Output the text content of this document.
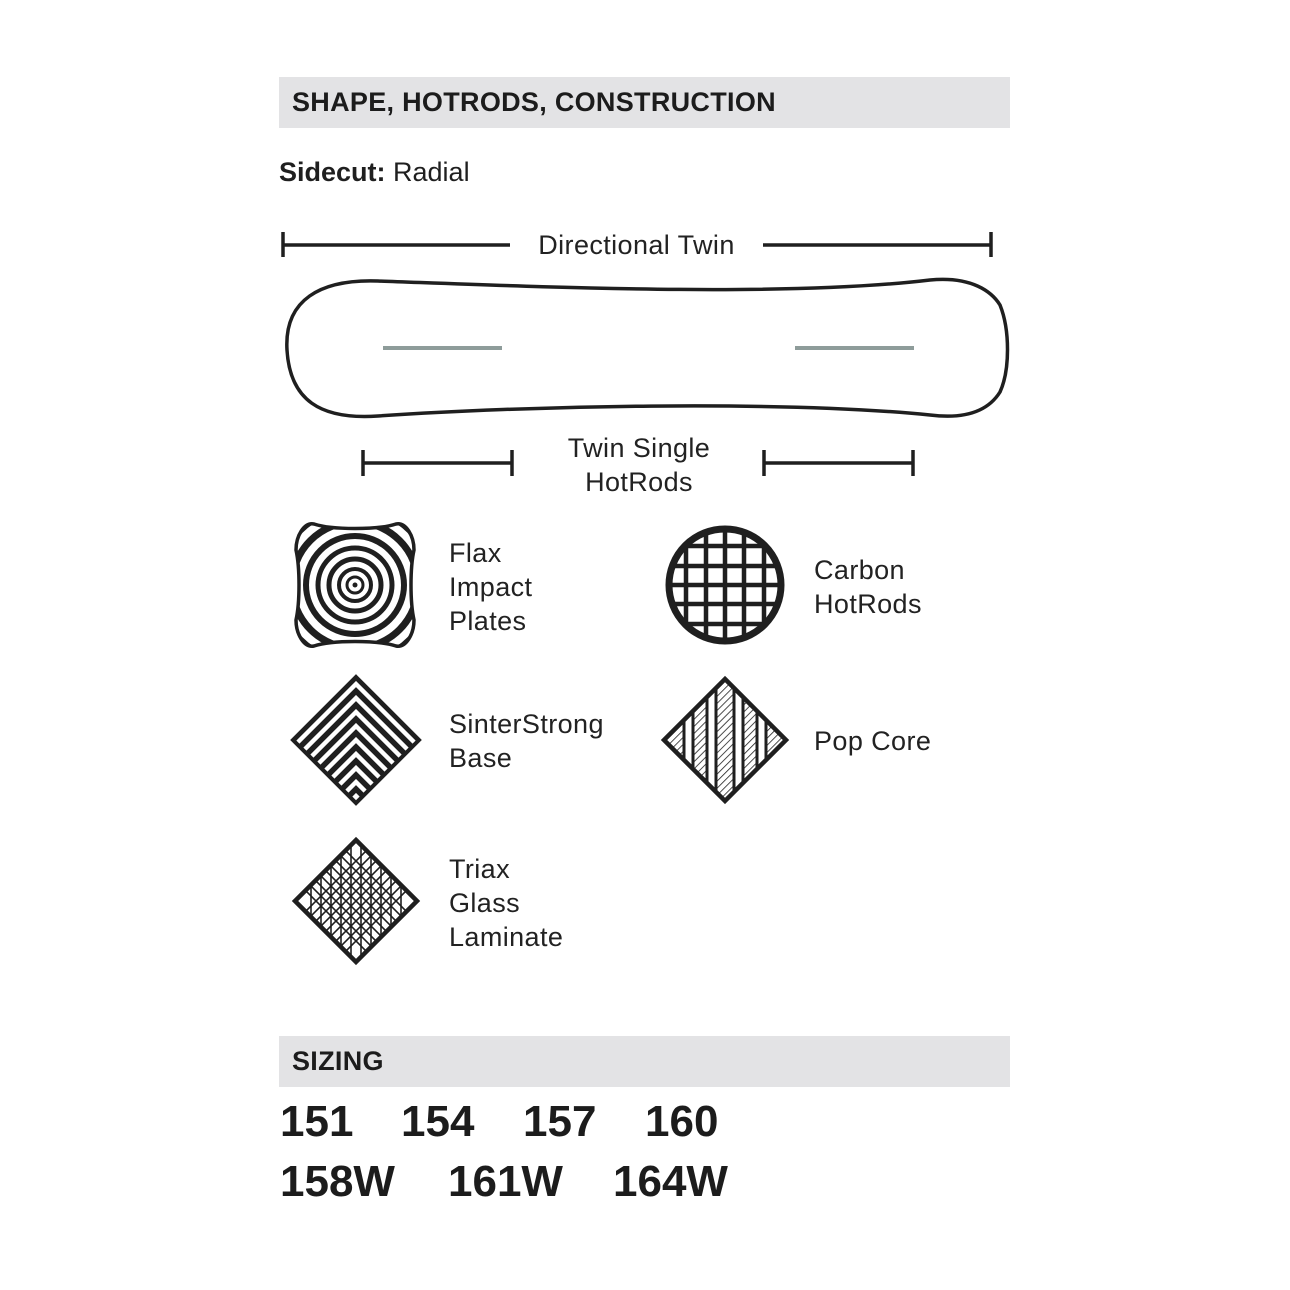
SHAPE, HOTRODS, CONSTRUCTION
Sidecut: Radial
Directional Twin
Twin Single
HotRods
Flax
Impact
Plates
Carbon
HotRods
SinterStrong
Base
Pop Core
Triax
Glass
Laminate
SIZING
151 154 157 160
158W 161W 164W
